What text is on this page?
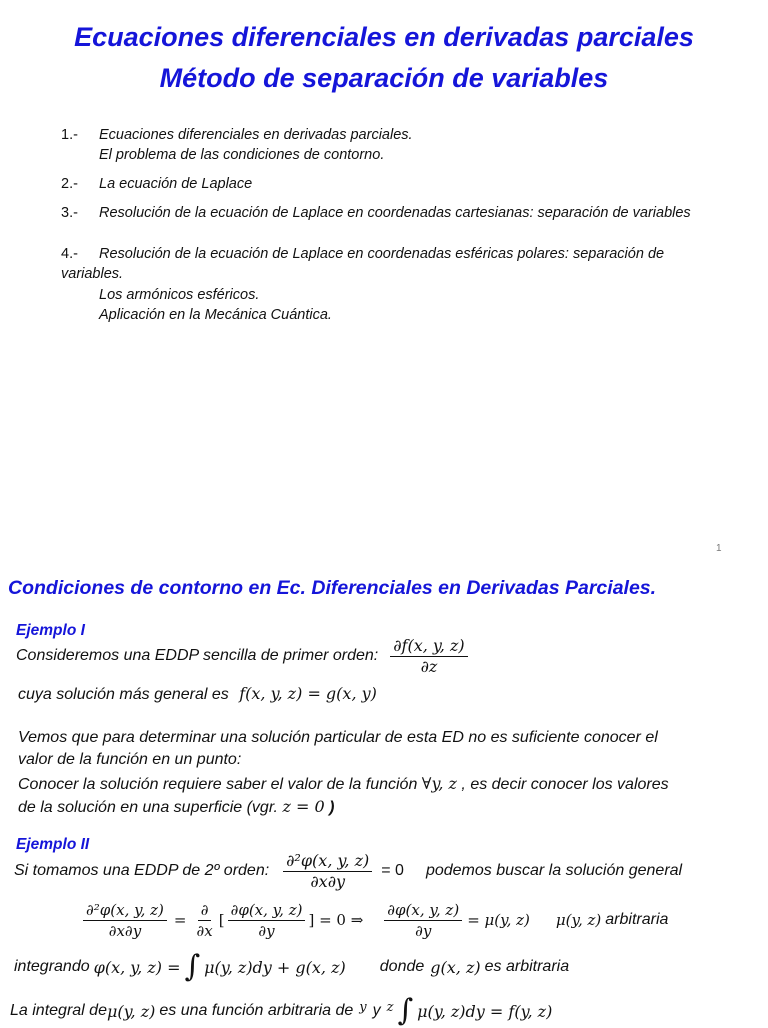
Ecuaciones diferenciales en derivadas parciales
Método de separación de variables
1.- Ecuaciones diferenciales en derivadas parciales.
El problema de las condiciones de contorno.
2.- La ecuación de Laplace
3.- Resolución de la ecuación de Laplace en coordenadas cartesianas: separación de variables
4.- Resolución de la ecuación de Laplace en coordenadas esféricas polares: separación de
variables.
Los armónicos esféricos.
Aplicación en la Mecánica Cuántica.
1
Condiciones de contorno en Ec. Diferenciales en Derivadas Parciales.
Ejemplo I
Consideremos una EDDP sencilla de primer orden: $\frac{\partial f(x, y, z)}{\partial z}$
cuya solución más general es f(x, y, z) = g(x, y)
Vemos que para determinar una solución particular de esta ED no es suficiente conocer el
valor de la función en un punto:
Conocer la solución requiere saber el valor de la función ∀y, z , es decir conocer los valores
de la solución en una superficie (vgr. z = 0 )
Ejemplo II
Si tomamos una EDDP de 2º orden: $\frac{\text{∂²φ(x, y, z)}}{\partial x\partial y} = 0$ podemos buscar la solución general
$\frac{\text{∂²φ(x, y, z)}}{\partial x\partial y} = \frac{\partial}{\partial x}$ [ $\frac{\partial\varphi(x, y, z)}{\partial y}$ ] = 0 ⇒ $\frac{\partial\varphi(x, y, z)}{\partial y} = \mu(y$, z) μ(y, z) arbitraria
integrando φ(x, y, z) = ∫ μ(y, z)dy + g(x, z) donde g(x, z) es arbitraria
La integral de μ(y, z) es una función arbitraria de y y z ∫ μ(y, z)dy = f(y, z)
